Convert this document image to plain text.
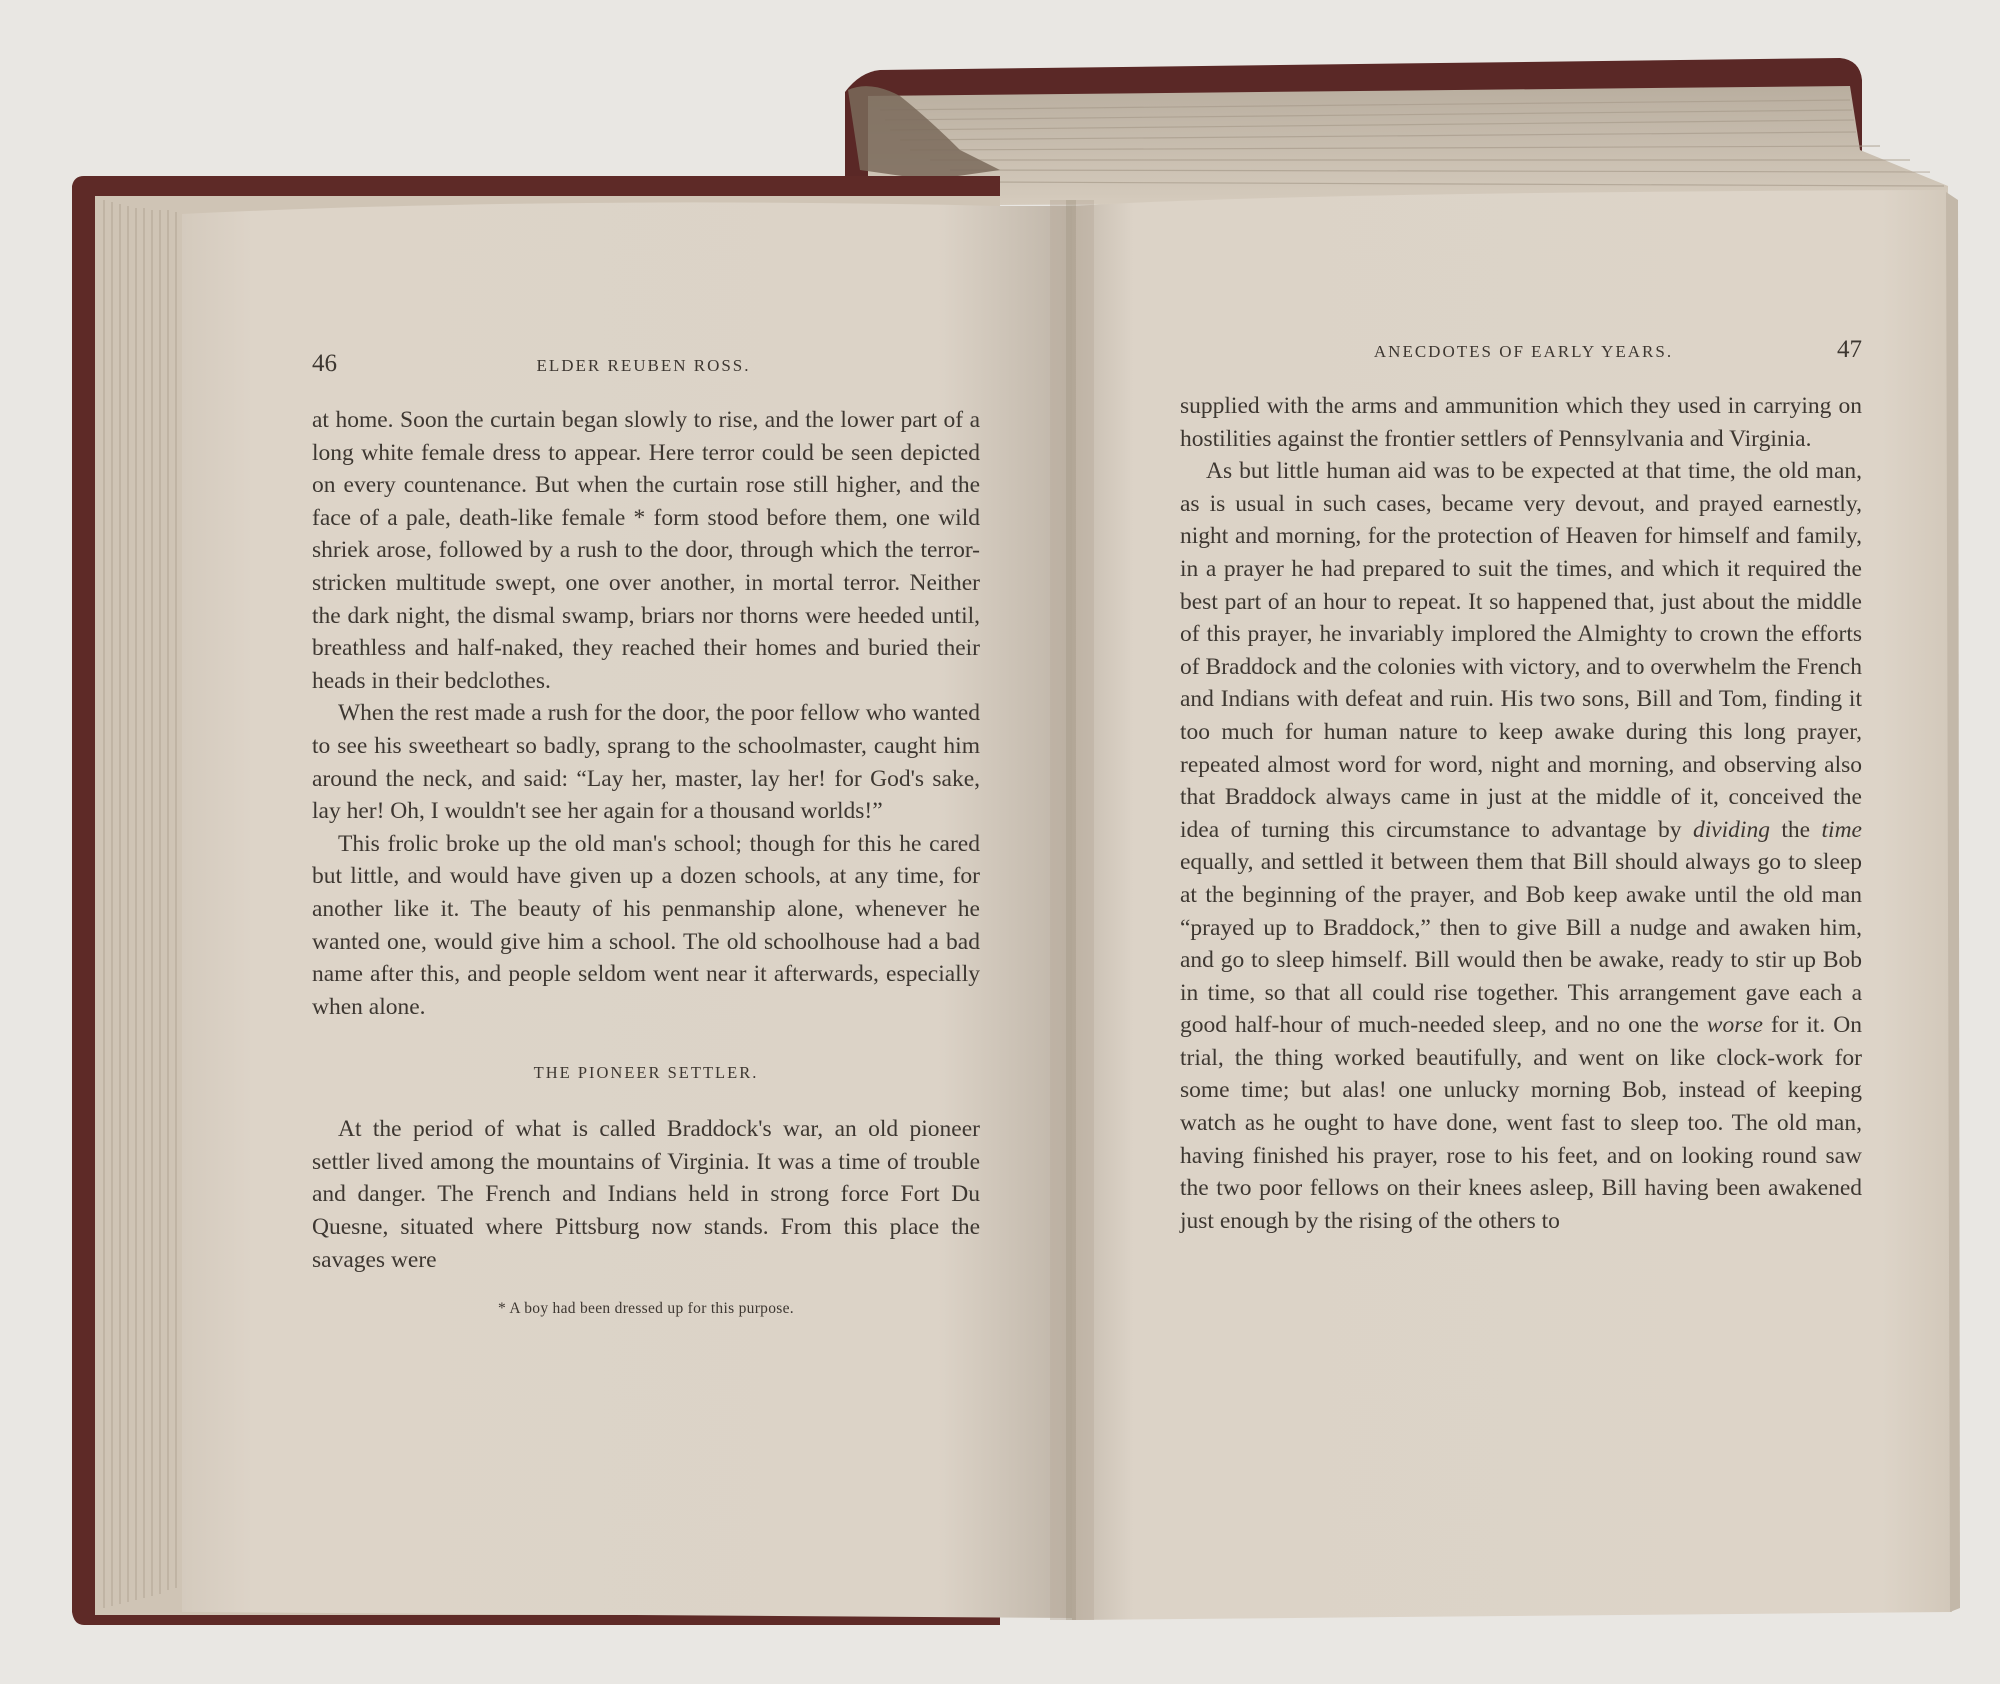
46	ELDER REUBEN ROSS.

at home. Soon the curtain began slowly to rise, and the lower part of a long white female dress to appear. Here terror could be seen depicted on every countenance. But when the curtain rose still higher, and the face of a pale, death-like female * form stood before them, one wild shriek arose, followed by a rush to the door, through which the terror-stricken multitude swept, one over another, in mortal terror. Neither the dark night, the dismal swamp, briars nor thorns were heeded until, breathless and half-naked, they reached their homes and buried their heads in their bedclothes.

When the rest made a rush for the door, the poor fellow who wanted to see his sweetheart so badly, sprang to the schoolmaster, caught him around the neck, and said: “Lay her, master, lay her! for God's sake, lay her! Oh, I wouldn't see her again for a thousand worlds!”

This frolic broke up the old man's school; though for this he cared but little, and would have given up a dozen schools, at any time, for another like it. The beauty of his penmanship alone, whenever he wanted one, would give him a school. The old schoolhouse had a bad name after this, and people seldom went near it afterwards, especially when alone.

THE PIONEER SETTLER.

At the period of what is called Braddock's war, an old pioneer settler lived among the mountains of Virginia. It was a time of trouble and danger. The French and Indians held in strong force Fort Du Quesne, situated where Pittsburg now stands. From this place the savages were

* A boy had been dressed up for this purpose.
ANECDOTES OF EARLY YEARS.	47

supplied with the arms and ammunition which they used in carrying on hostilities against the frontier settlers of Pennsylvania and Virginia.

As but little human aid was to be expected at that time, the old man, as is usual in such cases, became very devout, and prayed earnestly, night and morning, for the protection of Heaven for himself and family, in a prayer he had prepared to suit the times, and which it required the best part of an hour to repeat. It so happened that, just about the middle of this prayer, he invariably implored the Almighty to crown the efforts of Braddock and the colonies with victory, and to overwhelm the French and Indians with defeat and ruin. His two sons, Bill and Tom, finding it too much for human nature to keep awake during this long prayer, repeated almost word for word, night and morning, and observing also that Braddock always came in just at the middle of it, conceived the idea of turning this circumstance to advantage by dividing the time equally, and settled it between them that Bill should always go to sleep at the beginning of the prayer, and Bob keep awake until the old man “prayed up to Braddock,” then to give Bill a nudge and awaken him, and go to sleep himself. Bill would then be awake, ready to stir up Bob in time, so that all could rise together. This arrangement gave each a good half-hour of much-needed sleep, and no one the worse for it. On trial, the thing worked beautifully, and went on like clock-work for some time; but alas! one unlucky morning Bob, instead of keeping watch as he ought to have done, went fast to sleep too. The old man, having finished his prayer, rose to his feet, and on looking round saw the two poor fellows on their knees asleep, Bill having been awakened just enough by the rising of the others to
